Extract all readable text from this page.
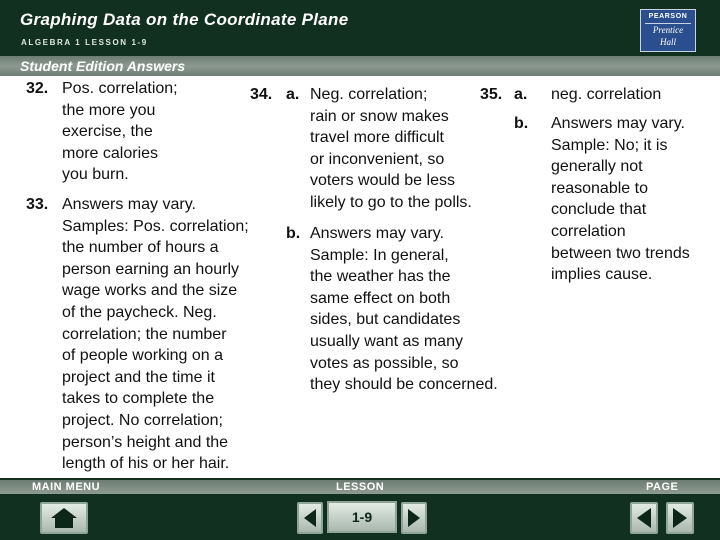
Graphing Data on the Coordinate Plane
ALGEBRA 1 LESSON 1-9
PEARSON
Prentice
Hall
Student Edition Answers
32. Pos. correlation;
the more you
exercise, the
more calories
you burn.
33. Answers may vary.
Samples: Pos. correlation;
the number of hours a
person earning an hourly
wage works and the size
of the paycheck. Neg.
correlation; the number
of people working on a
project and the time it
takes to complete the
project. No correlation;
person’s height and the
length of his or her hair.
34. a. Neg. correlation;
rain or snow makes
travel more difficult
or inconvenient, so
voters would be less
likely to go to the polls.
b. Answers may vary.
Sample: In general,
the weather has the
same effect on both
sides, but candidates
usually want as many
votes as possible, so
they should be concerned.
35. a. neg. correlation
b. Answers may vary.
Sample: No; it is
generally not
reasonable to
conclude that
correlation
between two trends
implies cause.
MAIN MENU	LESSON	PAGE
1-9
